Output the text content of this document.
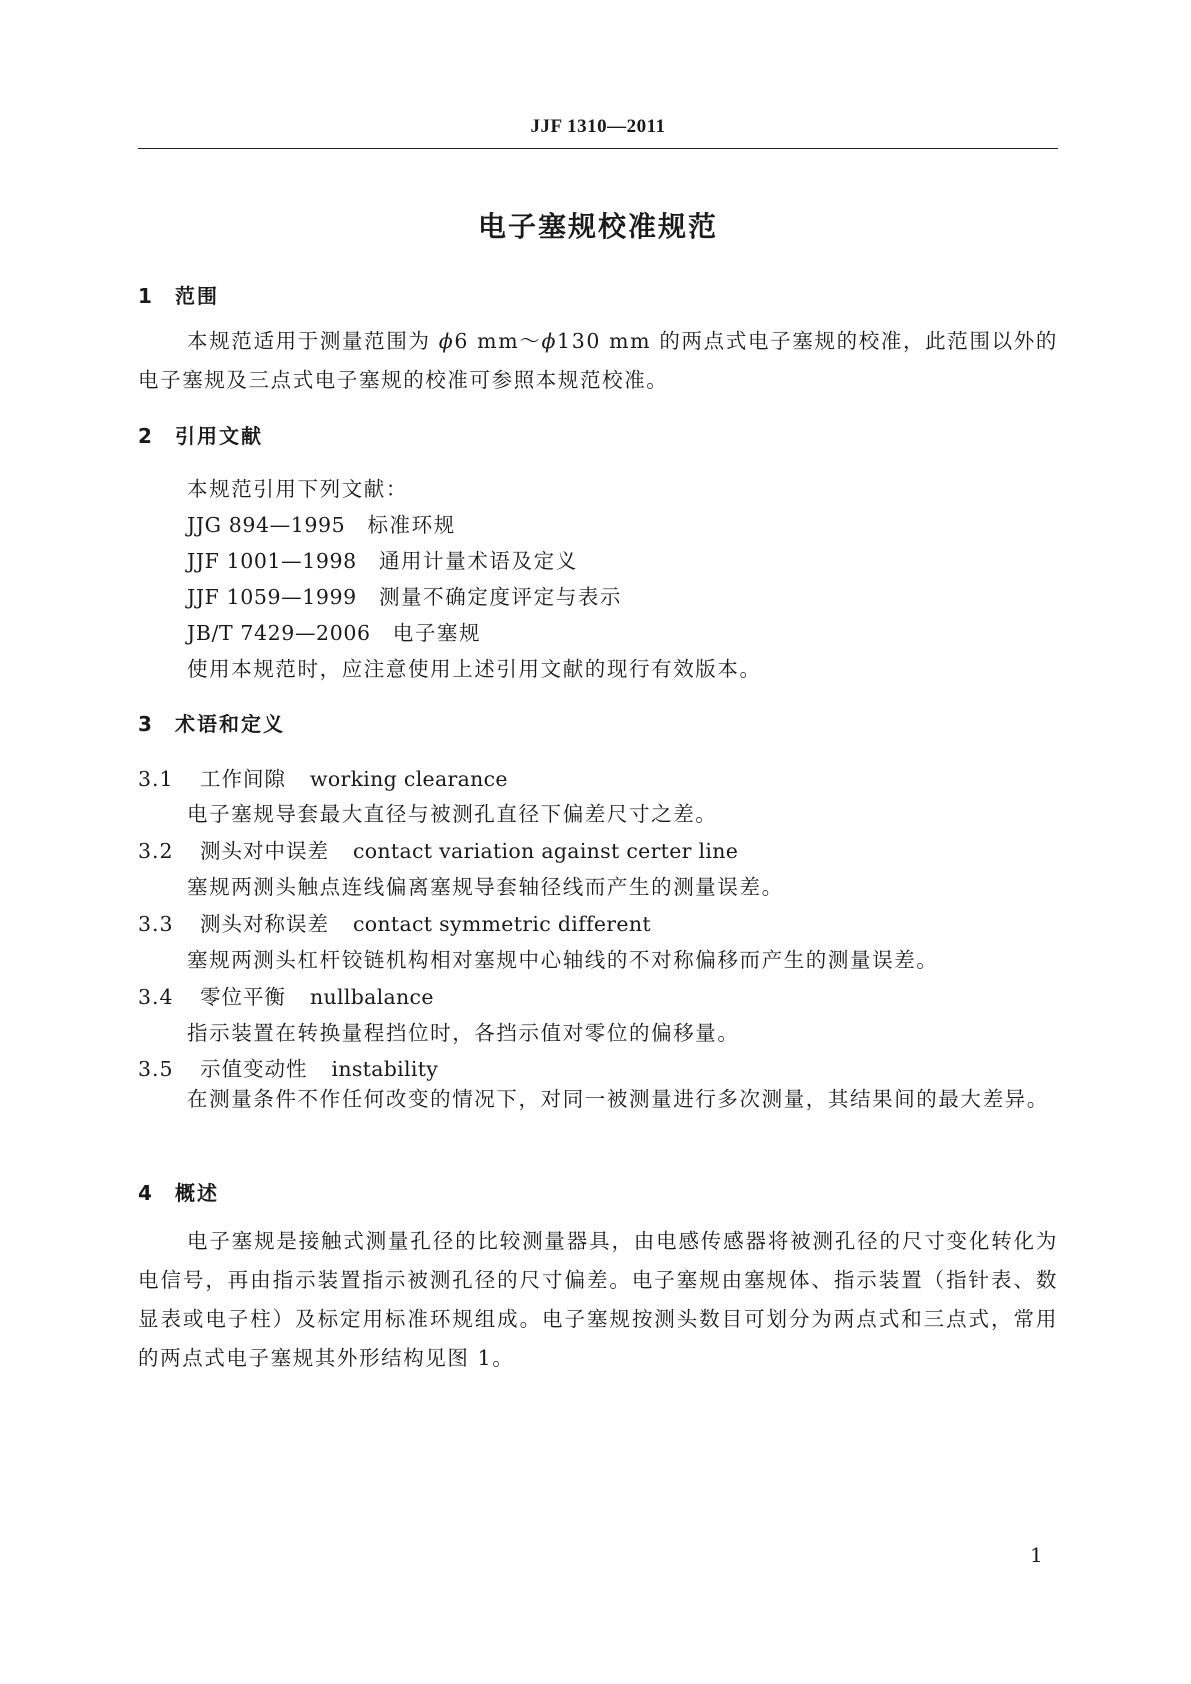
JJF 1310—2011
电子塞规校准规范
1 范围
本规范适用于测量范围为 ϕ6 mm～ϕ130 mm 的两点式电子塞规的校准，此范围以外的电子塞规及三点式电子塞规的校准可参照本规范校准。
2 引用文献
本规范引用下列文献：
JJG 894—1995　 标准环规
JJF 1001—1998　 通用计量术语及定义
JJF 1059—1999　 测量不确定度评定与表示
JB/T 7429—2006　 电子塞规
使用本规范时，应注意使用上述引用文献的现行有效版本。
3 术语和定义
3.1 工作间隙 working clearance
电子塞规导套最大直径与被测孔直径下偏差尺寸之差。
3.2 测头对中误差 contact variation against certer line
塞规两测头触点连线偏离塞规导套轴径线而产生的测量误差。
3.3 测头对称误差 contact symmetric different
塞规两测头杠杆铰链机构相对塞规中心轴线的不对称偏移而产生的测量误差。
3.4 零位平衡 nullbalance
指示装置在转换量程挡位时，各挡示值对零位的偏移量。
3.5 示值变动性 instability
在测量条件不作任何改变的情况下，对同一被测量进行多次测量，其结果间的最大差异。
4 概述
电子塞规是接触式测量孔径的比较测量器具，由电感传感器将被测孔径的尺寸变化转化为电信号，再由指示装置指示被测孔径的尺寸偏差。电子塞规由塞规体、指示装置（指针表、数显表或电子柱）及标定用标准环规组成。电子塞规按测头数目可划分为两点式和三点式，常用的两点式电子塞规其外形结构见图 1。
1
